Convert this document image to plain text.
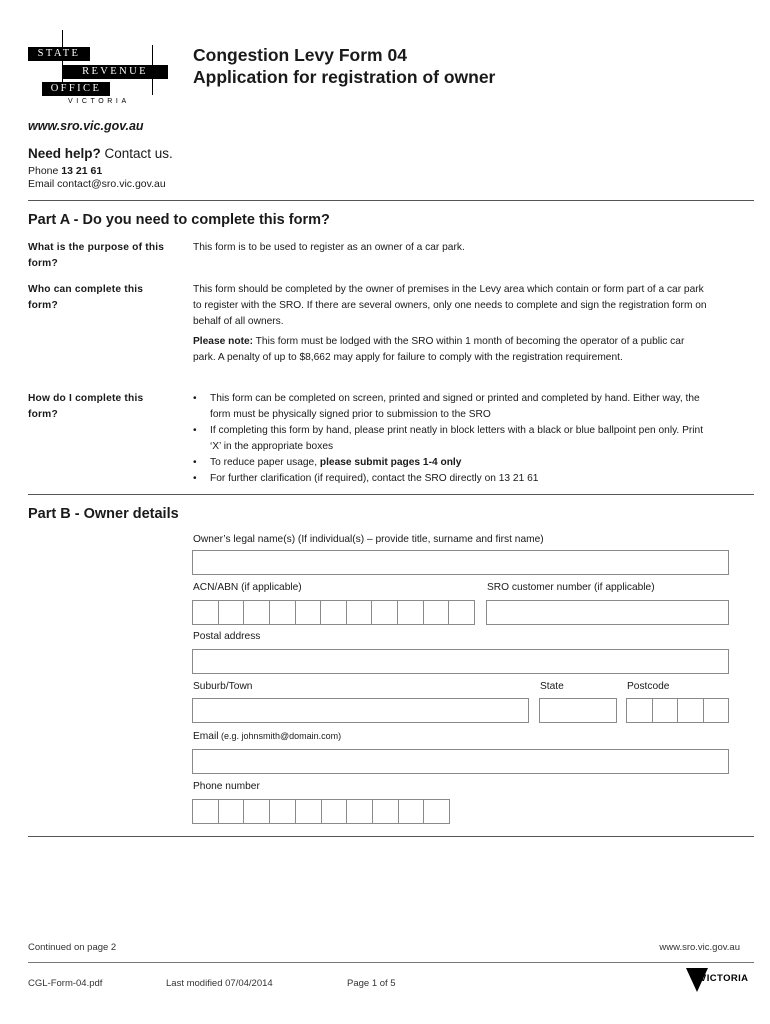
STATE
REVENUE
OFFICE
VICTORIA
Congestion Levy Form 04
Application for registration of owner
www.sro.vic.gov.au
Need help? Contact us.
Phone 13 21 61
Email contact@sro.vic.gov.au
Part A - Do you need to complete this form?
What is the purpose of this form?
This form is to be used to register as an owner of a car park.
Who can complete this form?
This form should be completed by the owner of premises in the Levy area which contain or form part of a car park to register with the SRO. If there are several owners, only one needs to complete and sign the registration form on behalf of all owners.
Please note: This form must be lodged with the SRO within 1 month of becoming the operator of a public car park. A penalty of up to $8,662 may apply for failure to comply with the registration requirement.
How do I complete this form?
• This form can be completed on screen, printed and signed or printed and completed by hand. Either way, the form must be physically signed prior to submission to the SRO
• If completing this form by hand, please print neatly in block letters with a black or blue ballpoint pen only. Print ‘X’ in the appropriate boxes
• To reduce paper usage, please submit pages 1-4 only
• For further clarification (if required), contact the SRO directly on 13 21 61
Part B - Owner details
Owner’s legal name(s) (If individual(s) – provide title, surname and first name)
ACN/ABN (if applicable)	SRO customer number (if applicable)
Postal address
Suburb/Town	State	Postcode
Email (e.g. johnsmith@domain.com)
Phone number
Continued on page 2	www.sro.vic.gov.au
CGL-Form-04.pdf	Last modified 07/04/2014	Page 1 of 5	VICTORIA
